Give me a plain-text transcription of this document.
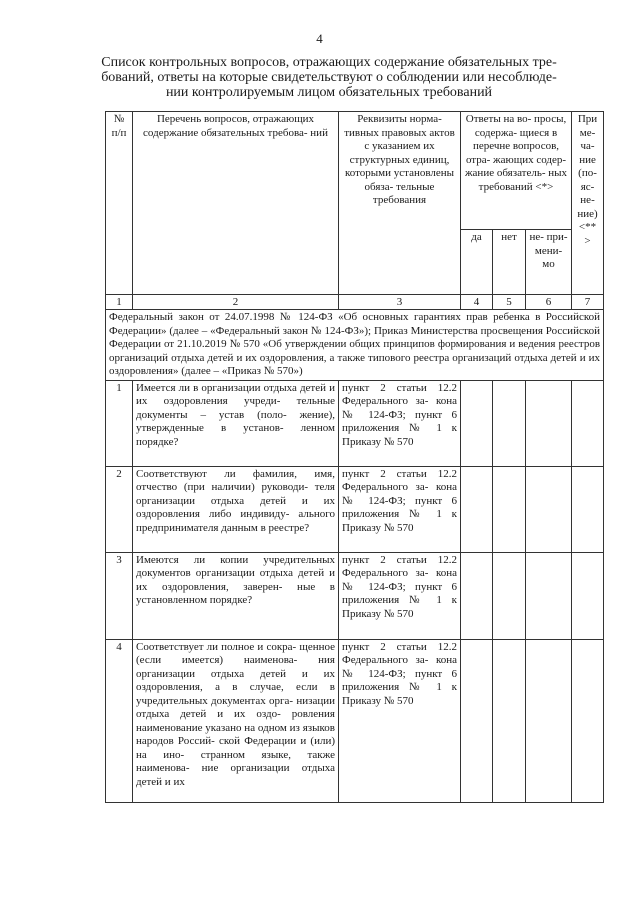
4
Список контрольных вопросов, отражающих содержание обязательных тре- бований, ответы на которые свидетельствуют о соблюдении или несоблюде- нии контролируемым лицом обязательных требований
№ п/п	Перечень вопросов, отражающих содержание обязательных требова- ний	Реквизиты норма- тивных правовых актов с указанием их структурных единиц, которыми установлены обяза- тельные требования	Ответы на во- просы, содержа- щиеся в перечне вопросов, отра- жающих содер- жание обязатель- ных требований <*>			При ме- ча- ние (по- яс- не- ние) <** >
			да	нет	не- при- мени- мо	
1	2	3	4	5	6	7
Федеральный закон от 24.07.1998 № 124-ФЗ «Об основных гарантиях прав ребенка в Российской Федерации» (далее – «Федеральный закон № 124-ФЗ»); Приказ Министерства просвещения Российской Федерации от 21.10.2019 № 570 «Об утверждении общих принципов формирования и ведения реестров организаций отдыха детей и их оздоровления, а также типового реестра организаций отдыха детей и их оздоровления» (далее – «Приказ № 570»)						
1	Имеется ли в организации отдыха детей и их оздоровления учреди- тельные документы – устав (поло- жение), утвержденные в установ- ленном порядке?	пункт 2 статьи 12.2 Федерального за- кона № 124-ФЗ; пункт 6 приложения № 1 к Приказу № 570				
2	Соответствуют ли фамилия, имя, отчество (при наличии) руководи- теля организации отдыха детей и их оздоровления либо индивиду- ального предпринимателя данным в реестре?	пункт 2 статьи 12.2 Федерального за- кона № 124-ФЗ; пункт 6 приложения № 1 к Приказу № 570				
3	Имеются ли копии учредительных документов организации отдыха детей и их оздоровления, заверен- ные в установленном порядке?	пункт 2 статьи 12.2 Федерального за- кона № 124-ФЗ; пункт 6 приложения № 1 к Приказу № 570				
4	Соответствует ли полное и сокра- щенное (если имеется) наименова- ния организации отдыха детей и их оздоровления, а в случае, если в учредительных документах орга- низации отдыха детей и их оздо- ровления наименование указано на одном из языков народов Россий- ской Федерации и (или) на ино- странном языке, также наименова- ние организации отдыха детей и их	пункт 2 статьи 12.2 Федерального за- кона № 124-ФЗ; пункт 6 приложения № 1 к Приказу № 570				
